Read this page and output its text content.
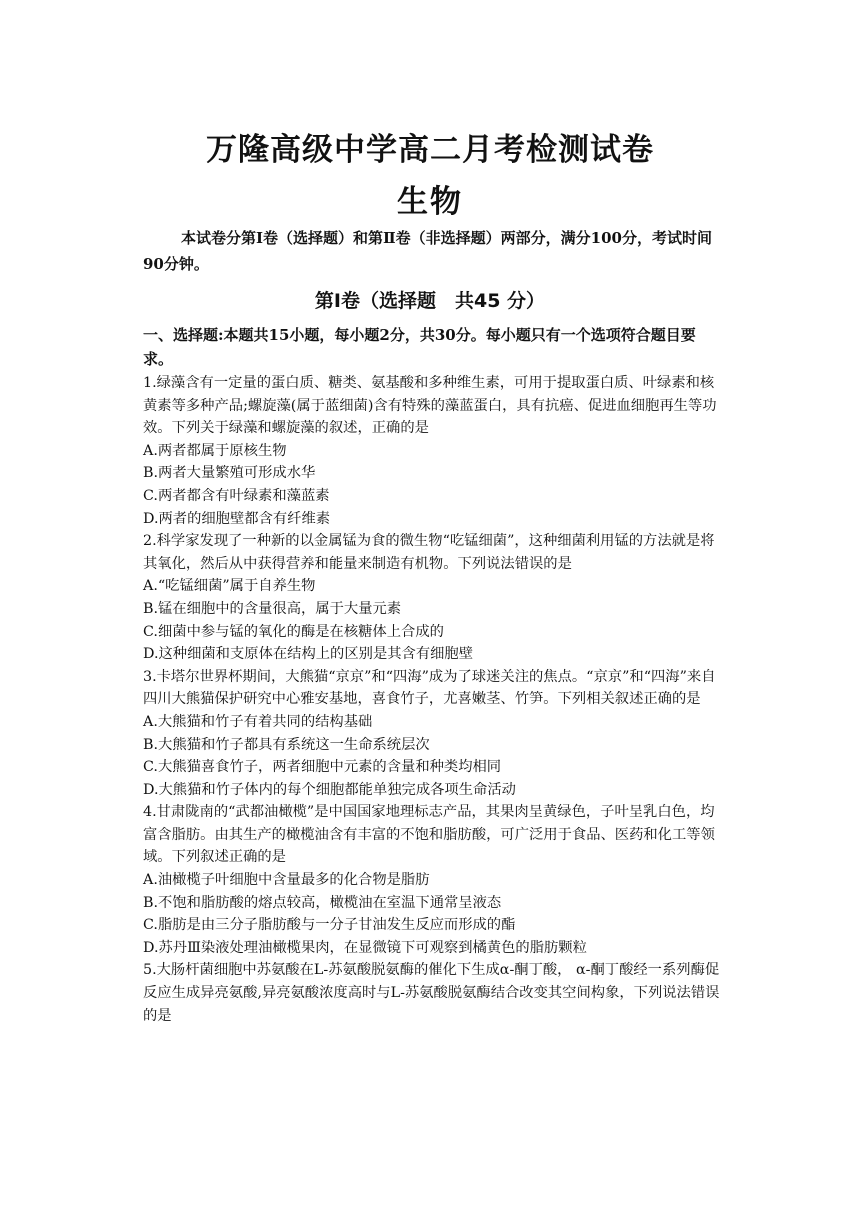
万隆高级中学高二月考检测试卷
生物

本试卷分第Ⅰ卷（选择题）和第Ⅱ卷（非选择题）两部分，满分100分，考试时间90分钟。

第Ⅰ卷（选择题　共45 分）

一、选择题:本题共15小题，每小题2分，共30分。每小题只有一个选项符合题目要求。

1.绿藻含有一定量的蛋白质、糖类、氨基酸和多种维生素，可用于提取蛋白质、叶绿素和核黄素等多种产品;螺旋藻(属于蓝细菌)含有特殊的藻蓝蛋白，具有抗癌、促进血细胞再生等功效。下列关于绿藻和螺旋藻的叙述，正确的是

A.两者都属于原核生物

B.两者大量繁殖可形成水华

C.两者都含有叶绿素和藻蓝素

D.两者的细胞壁都含有纤维素

2.科学家发现了一种新的以金属锰为食的微生物“吃锰细菌”，这种细菌利用锰的方法就是将其氧化，然后从中获得营养和能量来制造有机物。下列说法错误的是

A.“吃锰细菌”属于自养生物

B.锰在细胞中的含量很高，属于大量元素

C.细菌中参与锰的氧化的酶是在核糖体上合成的

D.这种细菌和支原体在结构上的区别是其含有细胞壁

3.卡塔尔世界杯期间，大熊猫“京京”和“四海”成为了球迷关注的焦点。“京京”和“四海”来自四川大熊猫保护研究中心雅安基地，喜食竹子，尤喜嫩茎、竹笋。下列相关叙述正确的是

A.大熊猫和竹子有着共同的结构基础

B.大熊猫和竹子都具有系统这一生命系统层次

C.大熊猫喜食竹子，两者细胞中元素的含量和种类均相同

D.大熊猫和竹子体内的每个细胞都能单独完成各项生命活动

4.甘肃陇南的“武都油橄榄”是中国国家地理标志产品，其果肉呈黄绿色，子叶呈乳白色，均富含脂肪。由其生产的橄榄油含有丰富的不饱和脂肪酸，可广泛用于食品、医药和化工等领域。下列叙述正确的是

A.油橄榄子叶细胞中含量最多的化合物是脂肪

B.不饱和脂肪酸的熔点较高，橄榄油在室温下通常呈液态

C.脂肪是由三分子脂肪酸与一分子甘油发生反应而形成的酯

D.苏丹Ⅲ染液处理油橄榄果肉，在显微镜下可观察到橘黄色的脂肪颗粒

5.大肠杆菌细胞中苏氨酸在L-苏氨酸脱氨酶的催化下生成α-酮丁酸， α-酮丁酸经一系列酶促反应生成异亮氨酸,异亮氨酸浓度高时与L-苏氨酸脱氨酶结合改变其空间构象，下列说法错误的是
